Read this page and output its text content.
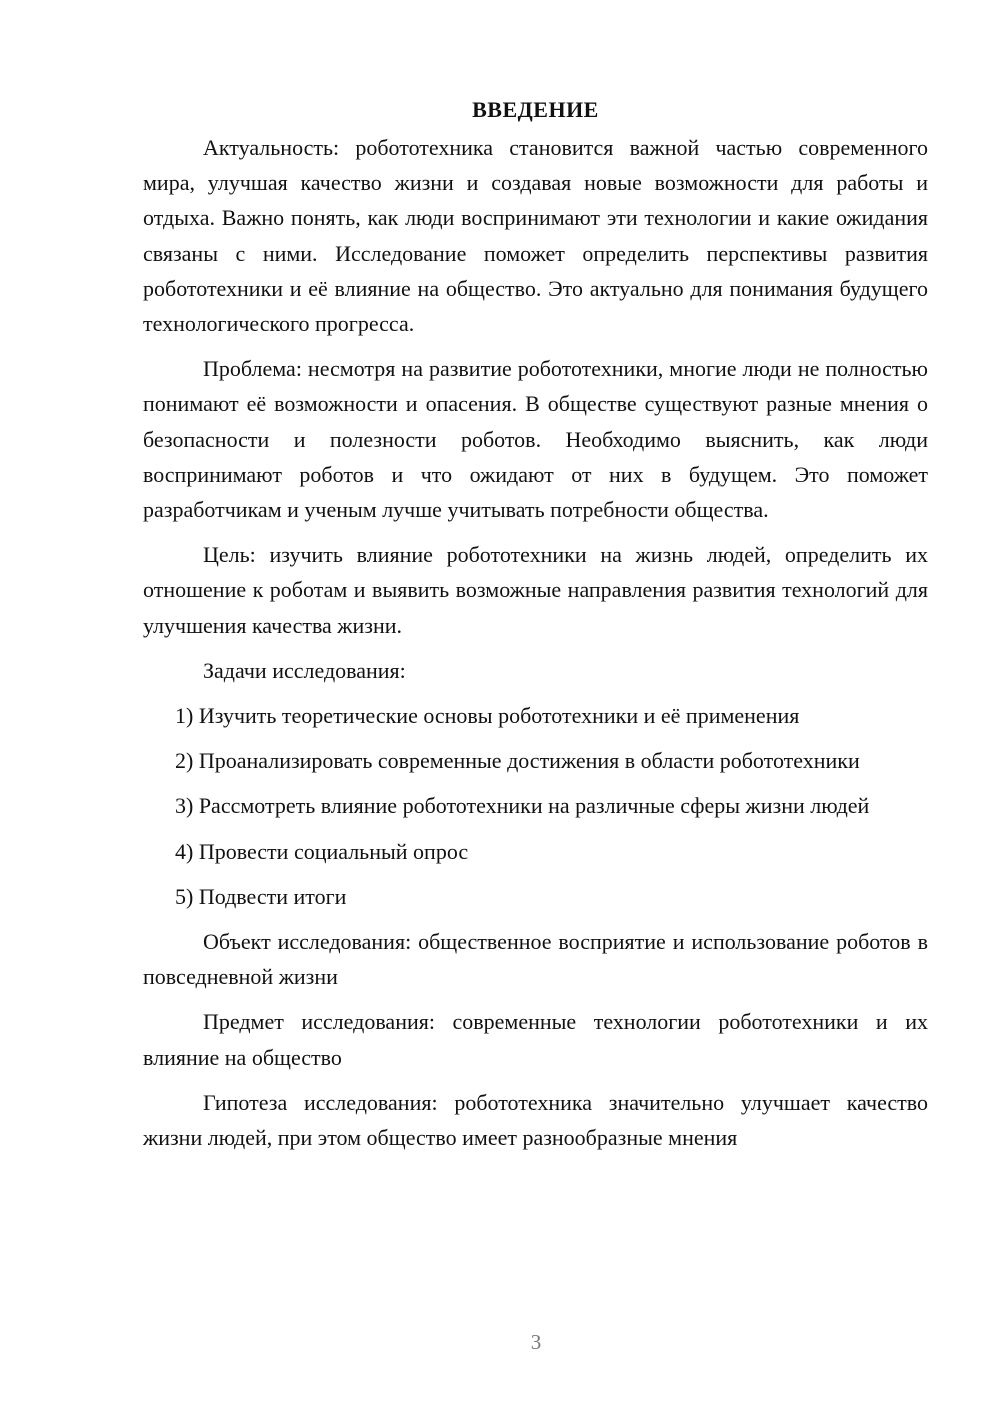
ВВЕДЕНИЕ

Актуальность: робототехника становится важной частью современного мира, улучшая качество жизни и создавая новые возможности для работы и отдыха. Важно понять, как люди воспринимают эти технологии и какие ожидания связаны с ними. Исследование поможет определить перспективы развития робототехники и её влияние на общество. Это актуально для понимания будущего технологического прогресса.

Проблема: несмотря на развитие робототехники, многие люди не полностью понимают её возможности и опасения. В обществе существуют разные мнения о безопасности и полезности роботов. Необходимо выяснить, как люди воспринимают роботов и что ожидают от них в будущем. Это поможет разработчикам и ученым лучше учитывать потребности общества.

Цель: изучить влияние робототехники на жизнь людей, определить их отношение к роботам и выявить возможные направления развития технологий для улучшения качества жизни.

Задачи исследования:

1) Изучить теоретические основы робототехники и её применения

2) Проанализировать современные достижения в области робототехники

3) Рассмотреть влияние робототехники на различные сферы жизни людей

4) Провести социальный опрос

5) Подвести итоги

Объект исследования: общественное восприятие и использование роботов в повседневной жизни

Предмет исследования: современные технологии робототехники и их влияние на общество

Гипотеза исследования: робототехника значительно улучшает качество жизни людей, при этом общество имеет разнообразные мнения

3
